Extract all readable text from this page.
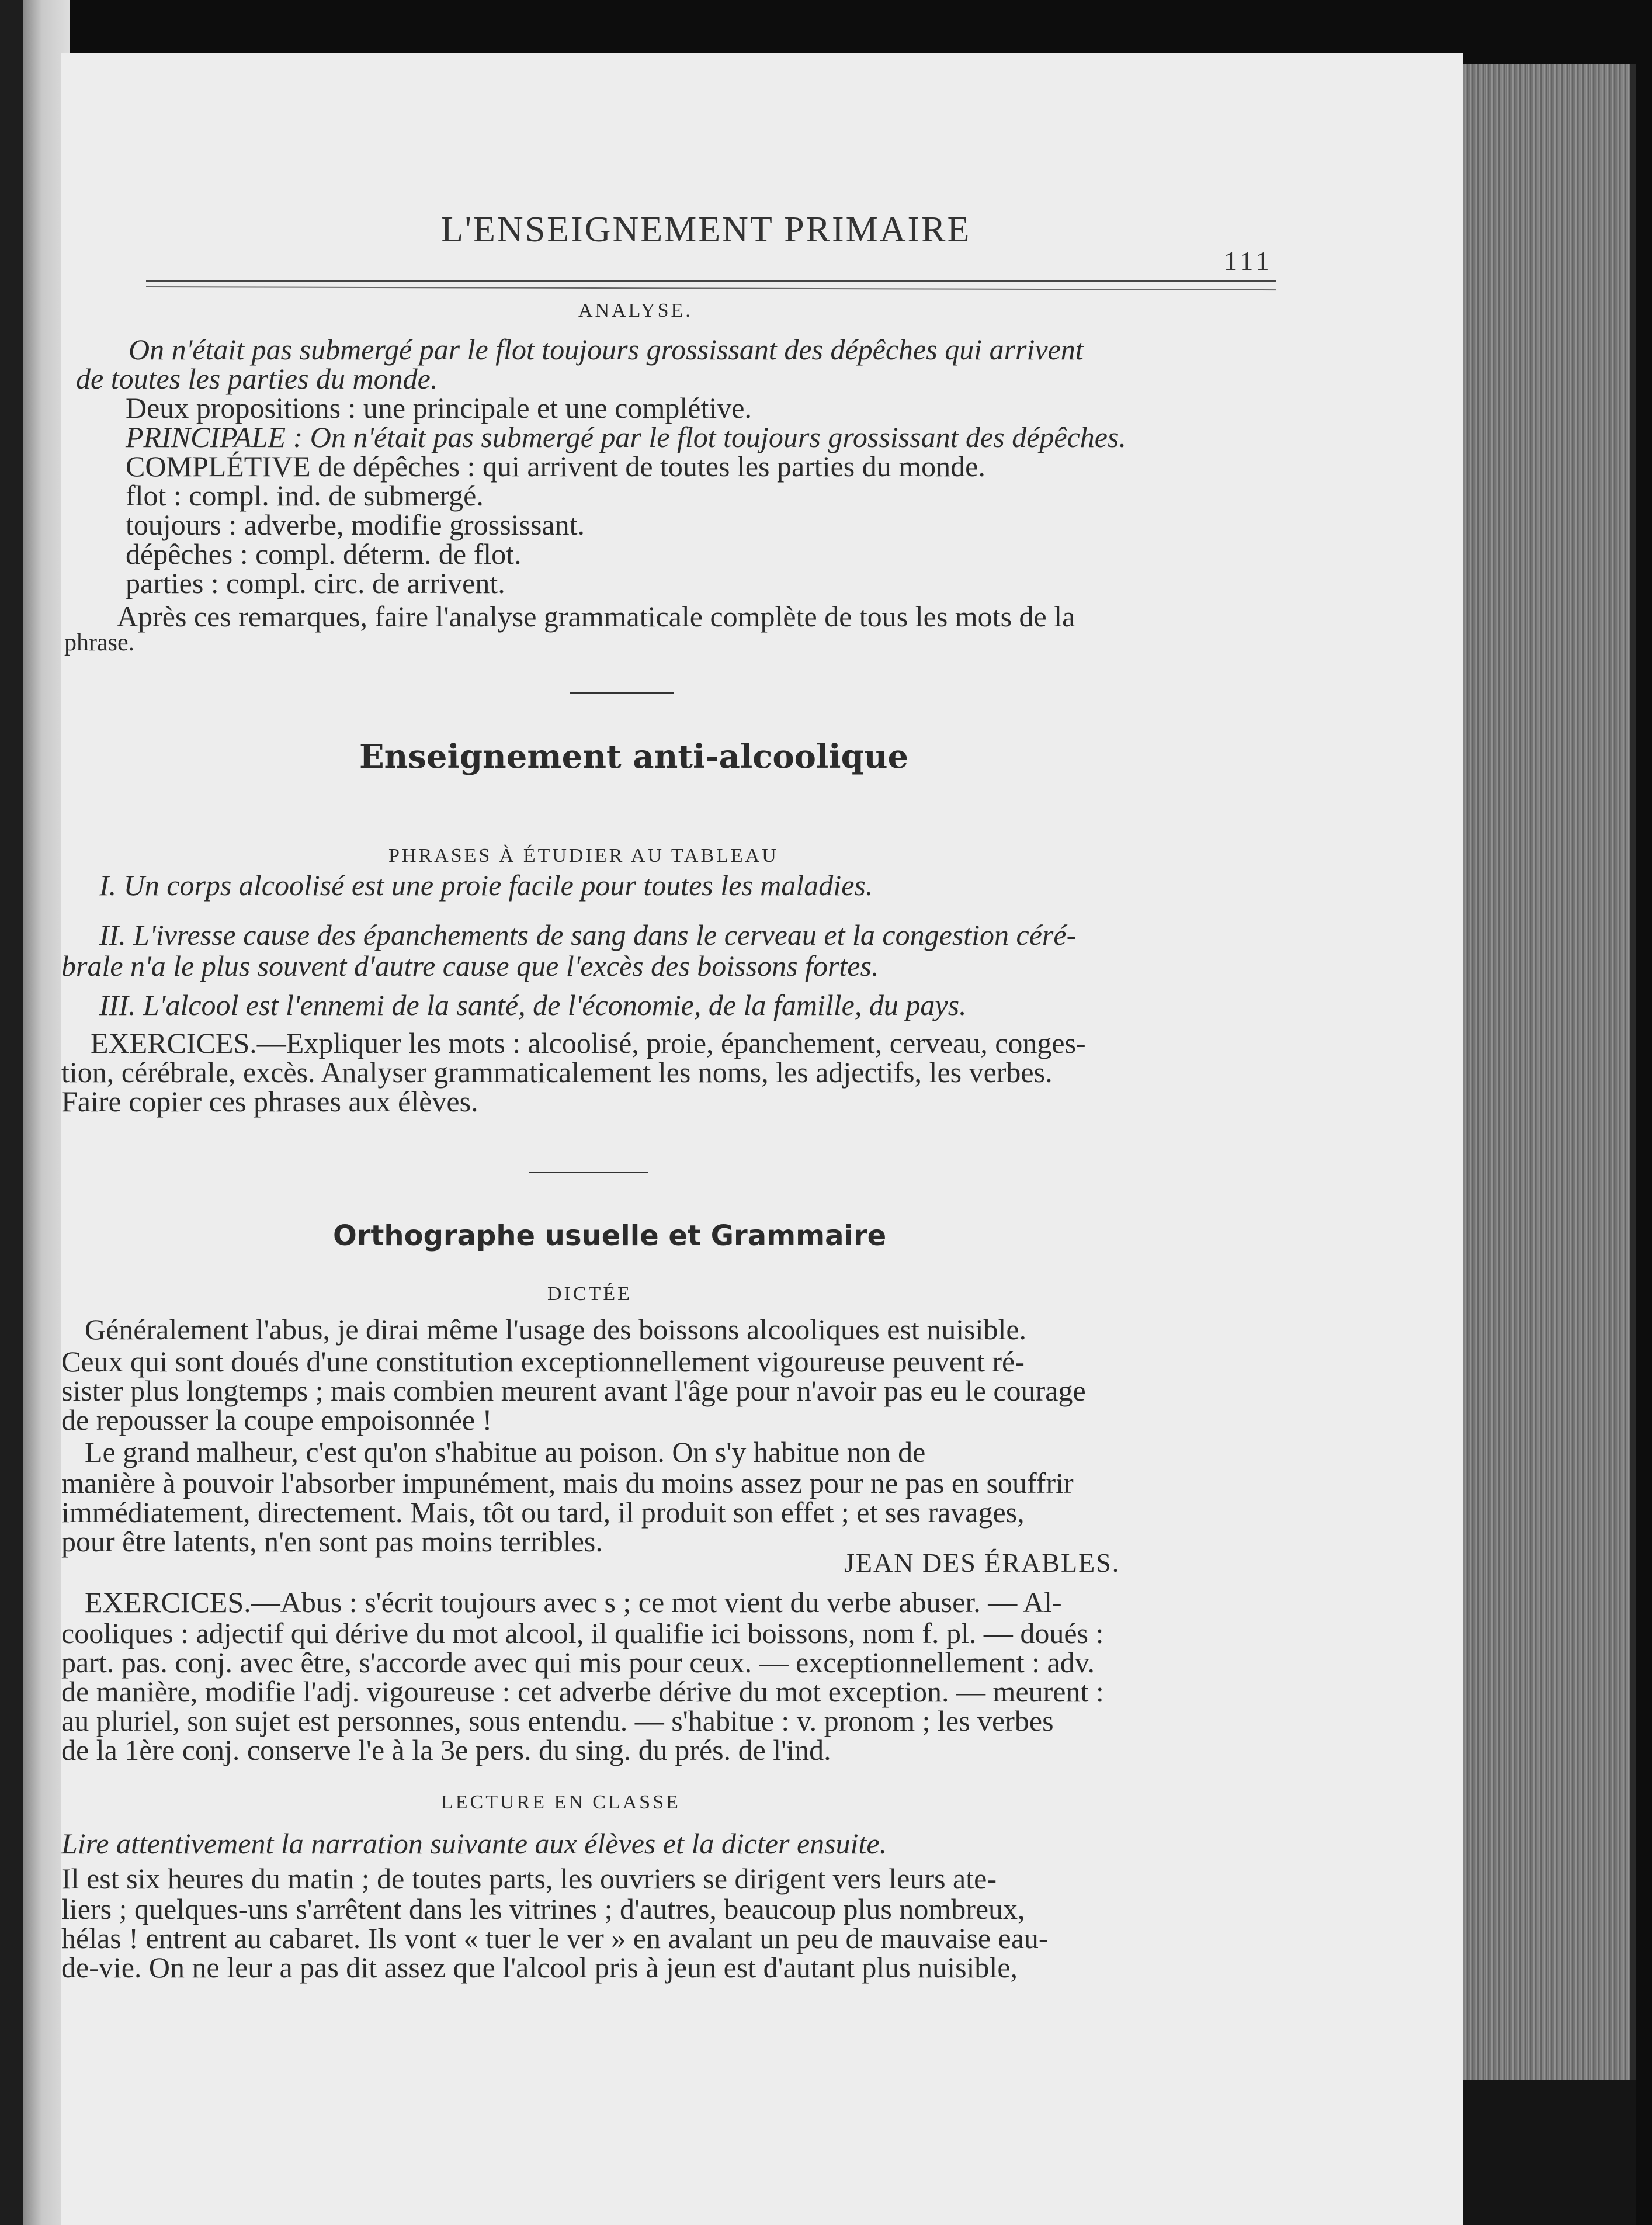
L'ENSEIGNEMENT PRIMAIRE
111
ANALYSE.
On n'était pas submergé par le flot toujours grossissant des dépêches qui arrivent
de toutes les parties du monde.
Deux propositions : une principale et une complétive.
PRINCIPALE : On n'était pas submergé par le flot toujours grossissant des dépêches.
COMPLÉTIVE de dépêches : qui arrivent de toutes les parties du monde.
flot : compl. ind. de submergé.
toujours : adverbe, modifie grossissant.
dépêches : compl. déterm. de flot.
parties : compl. circ. de arrivent.
Après ces remarques, faire l'analyse grammaticale complète de tous les mots de la
phrase.
Enseignement anti-alcoolique
PHRASES À ÉTUDIER AU TABLEAU
I. Un corps alcoolisé est une proie facile pour toutes les maladies.
II. L'ivresse cause des épanchements de sang dans le cerveau et la congestion céré-
brale n'a le plus souvent d'autre cause que l'excès des boissons fortes.
III. L'alcool est l'ennemi de la santé, de l'économie, de la famille, du pays.
EXERCICES.—Expliquer les mots : alcoolisé, proie, épanchement, cerveau, conges-
tion, cérébrale, excès. Analyser grammaticalement les noms, les adjectifs, les verbes.
Faire copier ces phrases aux élèves.
Orthographe usuelle et Grammaire
DICTÉE
Généralement l'abus, je dirai même l'usage des boissons alcooliques est nuisible.
Ceux qui sont doués d'une constitution exceptionnellement vigoureuse peuvent ré-
sister plus longtemps ; mais combien meurent avant l'âge pour n'avoir pas eu le courage
de repousser la coupe empoisonnée !
Le grand malheur, c'est qu'on s'habitue au poison. On s'y habitue non de
manière à pouvoir l'absorber impunément, mais du moins assez pour ne pas en souffrir
immédiatement, directement. Mais, tôt ou tard, il produit son effet ; et ses ravages,
pour être latents, n'en sont pas moins terribles.
JEAN DES ÉRABLES.
EXERCICES.—Abus : s'écrit toujours avec s ; ce mot vient du verbe abuser. — Al-
cooliques : adjectif qui dérive du mot alcool, il qualifie ici boissons, nom f. pl. — doués :
part. pas. conj. avec être, s'accorde avec qui mis pour ceux. — exceptionnellement : adv.
de manière, modifie l'adj. vigoureuse : cet adverbe dérive du mot exception. — meurent :
au pluriel, son sujet est personnes, sous entendu. — s'habitue : v. pronom ; les verbes
de la 1ère conj. conserve l'e à la 3e pers. du sing. du prés. de l'ind.
LECTURE EN CLASSE
Lire attentivement la narration suivante aux élèves et la dicter ensuite.
Il est six heures du matin ; de toutes parts, les ouvriers se dirigent vers leurs ate-
liers ; quelques-uns s'arrêtent dans les vitrines ; d'autres, beaucoup plus nombreux,
hélas ! entrent au cabaret. Ils vont « tuer le ver » en avalant un peu de mauvaise eau-
de-vie. On ne leur a pas dit assez que l'alcool pris à jeun est d'autant plus nuisible,
